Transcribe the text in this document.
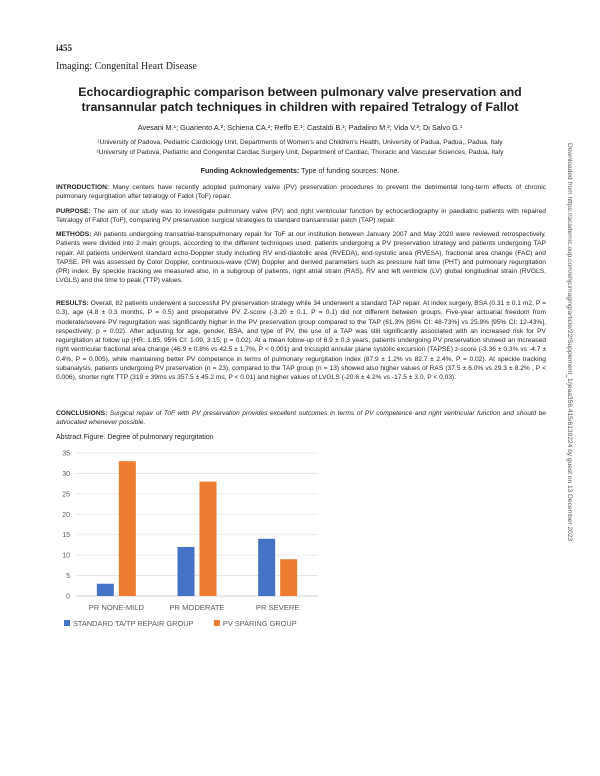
i455
Imaging: Congenital Heart Disease
Echocardiographic comparison between pulmonary valve preservation and transannular patch techniques in children with repaired Tetralogy of Fallot
Avesani M.¹; Guariento A.²; Schiena CA.²; Reffo E.¹; Castaldi B.¹; Padalino M.²; Vida V.²; Di Salvo G.¹
¹University of Padova, Pediatric Cardiology Unit, Departments of Women's and Children's Health, University of Padua, Padua,, Padua, Italy
²University of Padova, Pediatric and Congenital Cardiac Surgery Unit, Department of Cardiac, Thoracic and Vascular Sciences, Padua, Italy
Funding Acknowledgements: Type of funding sources: None.
INTRODUCTION: Many centers have recently adopted pulmonary valve (PV) preservation procedures to prevent the detrimental long-term effects of chronic pulmonary regurgitation after tetralogy of Fallot (ToF) repair.
PURPOSE: The aim of our study was to investigate pulmonary valve (PV) and right ventricular function by echocardiography in paediatric patients with repaired Tetralogy of Fallot (ToF), comparing PV preservation surgical strategies to standard transannular patch (TAP) repair.
METHODS: All patients undergoing transatrial-transpulmonary repair for ToF at our institution between January 2007 and May 2020 were reviewed retrospectively. Patients were divided into 2 main groups, according to the different techniques used: patients undergoing a PV preservation strategy and patients undergoing TAP repair. All patients underwent standard echo-Doppler study including RV end-diastolic area (RVEDA), end-systolic area (RVESA), fractional area change (FAC) and TAPSE. PR was assessed by Color Doppler, continuous-wave (CW) Doppler and derived parameters such as pressure half time (PHT) and pulmonary regurgitation (PR) index. By speckle tracking we measured also, in a subgroup of patients, right atrial strain (RAS), RV and left ventricle (LV) global longitudinal strain (RVGLS, LVGLS) and the time to peak (TTP) values.
RESULTS: Overall, 82 patients underwent a successful PV preservation strategy while 34 underwent a standard TAP repair. At index surgery, BSA (0.31 ± 0.1 m2, P = 0.3), age (4.8 ± 0.3 months, P = 0.5) and preoperative PV Z-score (-3.20 ± 0.1, P = 0.1) did not different between groups. Five-year actuarial freedom from moderate/severe PV regurgitation was significantly higher in the PV preservation group compared to the TAP (61.3% [95% CI: 48-73%] vs 25.9% [95% CI: 12-43%], respectively; p = 0.02). After adjusting for age, gender, BSA, and type of PV, the use of a TAP was still significantly associated with an increased risk for PV regurgitation at follow up (HR: 1.85, 95% CI: 1.09, 3.15; p = 0.02). At a mean follow-up of 6.9 ± 0.3 years, patients undergoing PV preservation showed an increased right ventricular fractional area change (46.9 ± 0.8% vs 42.5 ± 1.7%, P < 0.001) and tricuspid annular plane systolic excursion (TAPSE) z-score (-3.36 ± 0.3% vs -4.7 ± 0.4%, P = 0.005), while maintaining better PV competence in terms of pulmonary regurgitation index (87.9 ± 1.2% vs 82.7 ± 2.4%, P = 0.02). At speckle tracking subanalysis, patients undergoing PV preservation (n = 23), compared to the TAP group (n = 13) showed also higher values of RAS (37.5 ± 6.0% vs 29.3 ± 8.2% , P < 0.006), shorter right TTP (319 ± 39ms vs 357.5 ± 45.2 ms, P < 0.01) and higher values of LVGLS (-20.6 ± 4.2% vs -17.5 ± 3.0, P < 0.03).
CONCLUSIONS: Surgical repair of ToF with PV preservation provides excellent outcomes in terms of PV competence and right ventricular function and should be advocated whenever possible.
Abstract Figure. Degree of pulmonary regurgitation
0
5
10
15
20
25
30
35
PR NONE-MILD	PR MODERATE	PR SEVERE
STANDARD TA/TP REPAIR GROUP	PV SPARING GROUP
Downloaded from https://academic.oup.com/ehjcimaging/article/22/Supplement_1/jeaa356.415/6139224 by guest on 13 December 2023
